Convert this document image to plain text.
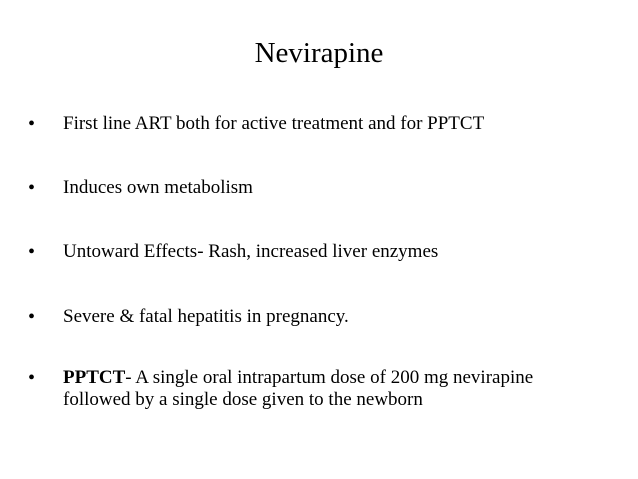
Nevirapine
•	First line ART both for active treatment and for PPTCT
•	Induces own metabolism
•	Untoward Effects- Rash, increased liver enzymes
•	Severe & fatal hepatitis in pregnancy.
•	PPTCT- A single oral intrapartum dose of 200 mg nevirapine
followed by a single dose given to the newborn
